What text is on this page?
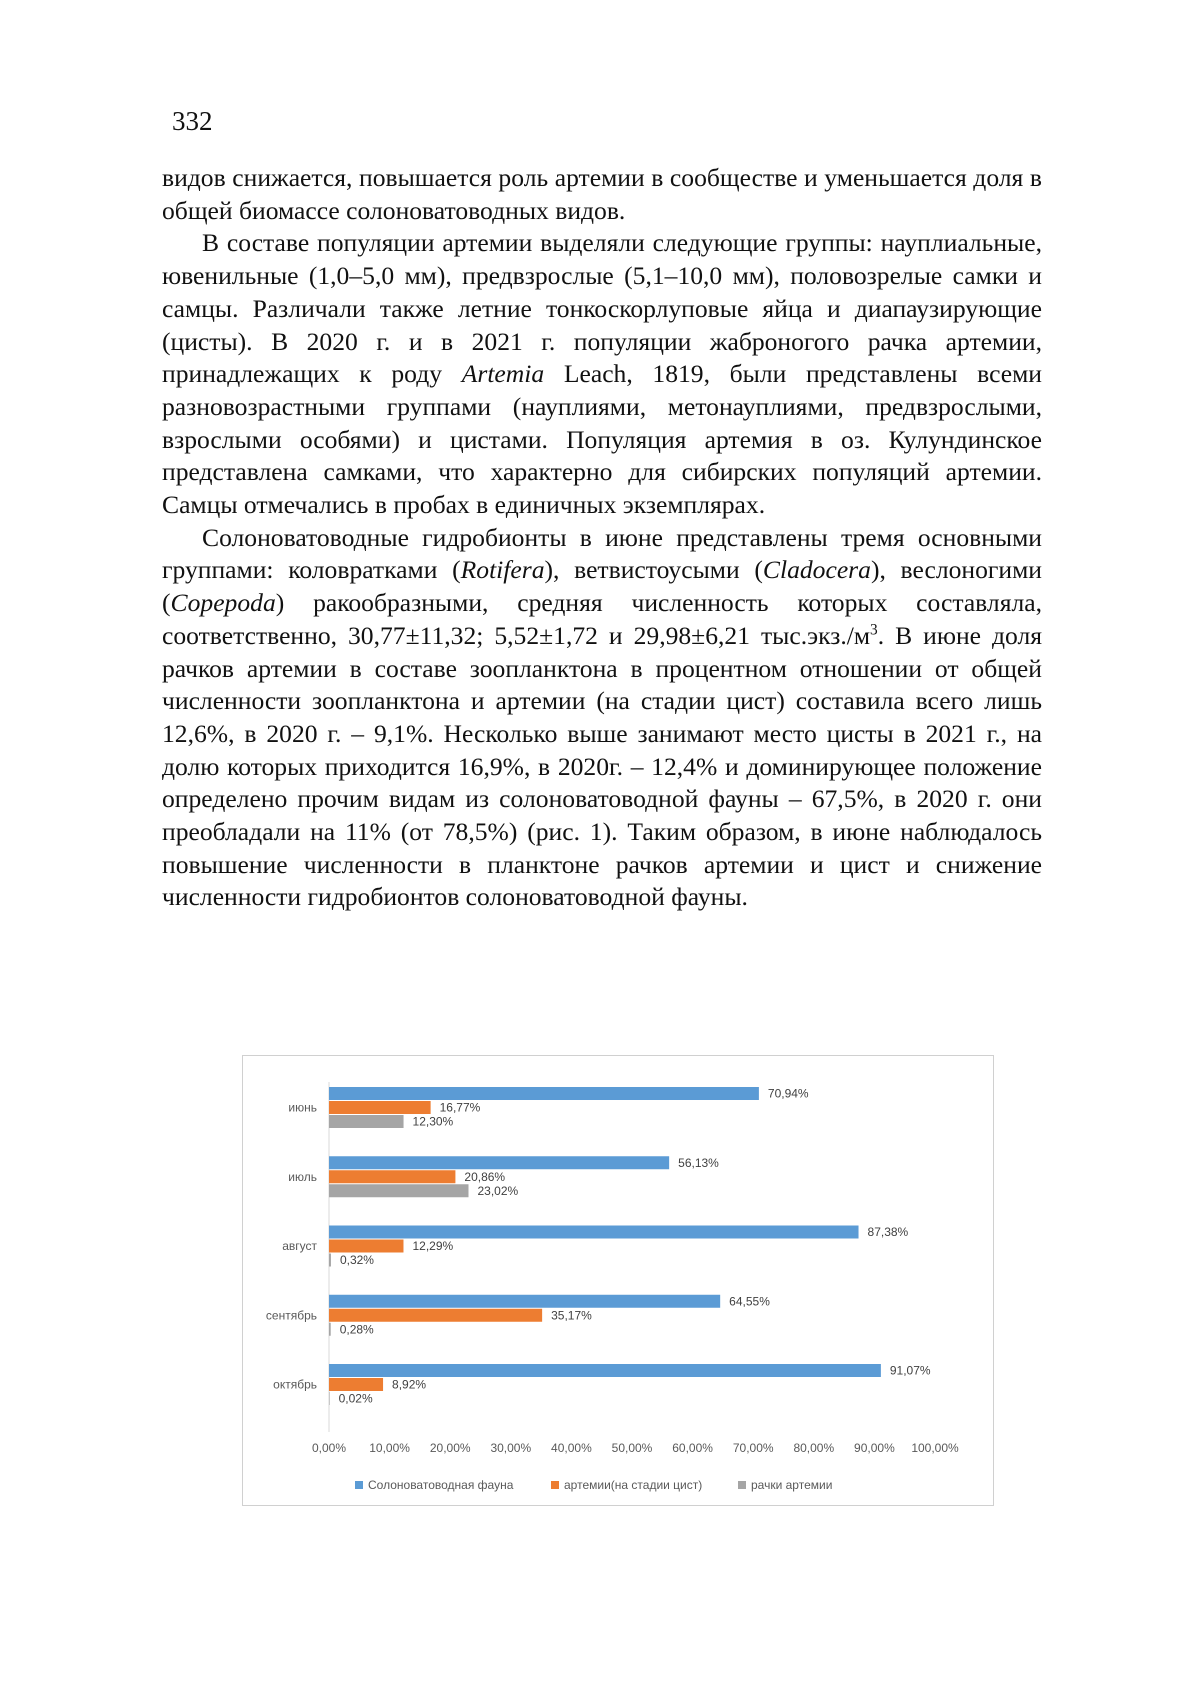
332

видов снижается, повышается роль артемии в сообществе и уменьшается доля в общей биомассе солоноватоводных видов.

В составе популяции артемии выделяли следующие группы: науплиальные, ювенильные (1,0–5,0 мм), предвзрослые (5,1–10,0 мм), половозрелые самки и самцы. Различали также летние тонкоскорлуповые яйца и диапаузирующие (цисты). В 2020 г. и в 2021 г. популяции жаброногого рачка артемии, принадлежащих к роду Artemia Leach, 1819, были представлены всеми разновозрастными группами (науплиями, метонауплиями, предвзрослыми, взрослыми особями) и цистами. Популяция артемия в оз. Кулундинское представлена самками, что характерно для сибирских популяций артемии. Самцы отмечались в пробах в единичных экземплярах.

Солоноватоводные гидробионты в июне представлены тремя основными группами: коловратками (Rotifera), ветвистоусыми (Cladocera), веслоногими (Copepoda) ракообразными, средняя численность которых составляла, соответственно, 30,77±11,32; 5,52±1,72 и 29,98±6,21 тыс.экз./м3. В июне доля рачков артемии в составе зоопланктона в процентном отношении от общей численности зоопланктона и артемии (на стадии цист) составила всего лишь 12,6%, в 2020 г. – 9,1%. Несколько выше занимают место цисты в 2021 г., на долю которых приходится 16,9%, в 2020г. – 12,4% и доминирующее положение определено прочим видам из солоноватоводной фауны – 67,5%, в 2020 г. они преобладали на 11% (от 78,5%) (рис. 1). Таким образом, в июне наблюдалось повышение численности в планктоне рачков артемии и цист и снижение численности гидробионтов солоноватоводной фауны.

июнь
70,94%
16,77%
12,30%
июль
56,13%
20,86%
23,02%
август
87,38%
12,29%
0,32%
сентябрь
64,55%
35,17%
0,28%
октябрь
91,07%
8,92%
0,02%
0,00% 10,00% 20,00% 30,00% 40,00% 50,00% 60,00% 70,00% 80,00% 90,00% 100,00%
Солоноватоводная фауна	артемии(на стадии цист)	рачки артемии
